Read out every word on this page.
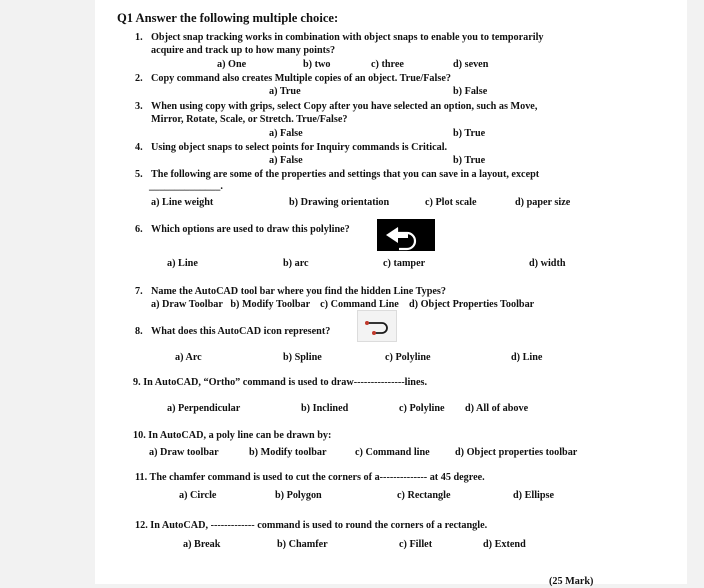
Q1 Answer the following multiple choice:
1. Object snap tracking works in combination with object snaps to enable you to temporarily
acquire and track up to how many points?
a) One	b) two	c) three	d) seven
2. Copy command also creates Multiple copies of an object. True/False?
a) True	b) False
3. When using copy with grips, select Copy after you have selected an option, such as Move,
Mirror, Rotate, Scale, or Stretch. True/False?
a) False	b) True
4. Using object snaps to select points for Inquiry commands is Critical.
a) False	b) True
5. The following are some of the properties and settings that you can save in a layout, except
______________.
a) Line weight	b) Drawing orientation	c) Plot scale	d) paper size
6. Which options are used to draw this polyline?
a) Line	b) arc	c) tamper	d) width
7. Name the AutoCAD tool bar where you find the hidden Line Types?
a) Draw Toolbar   b) Modify Toolbar    c) Command Line    d) Object Properties Toolbar
8. What does this AutoCAD icon represent?
a) Arc	b) Spline	c) Polyline	d) Line
9. In AutoCAD, “Ortho” command is used to draw---------------lines.
a) Perpendicular	b) Inclined	c) Polyline d) All of above
10. In AutoCAD, a poly line can be drawn by:
a) Draw toolbar	b) Modify toolbar	c) Command line d) Object properties toolbar
11. The chamfer command is used to cut the corners of a-------------- at 45 degree.
a) Circle	b) Polygon	c) Rectangle	d) Ellipse
12. In AutoCAD, ------------- command is used to round the corners of a rectangle.
a) Break	b) Chamfer	c) Fillet	d) Extend
(25 Mark)
